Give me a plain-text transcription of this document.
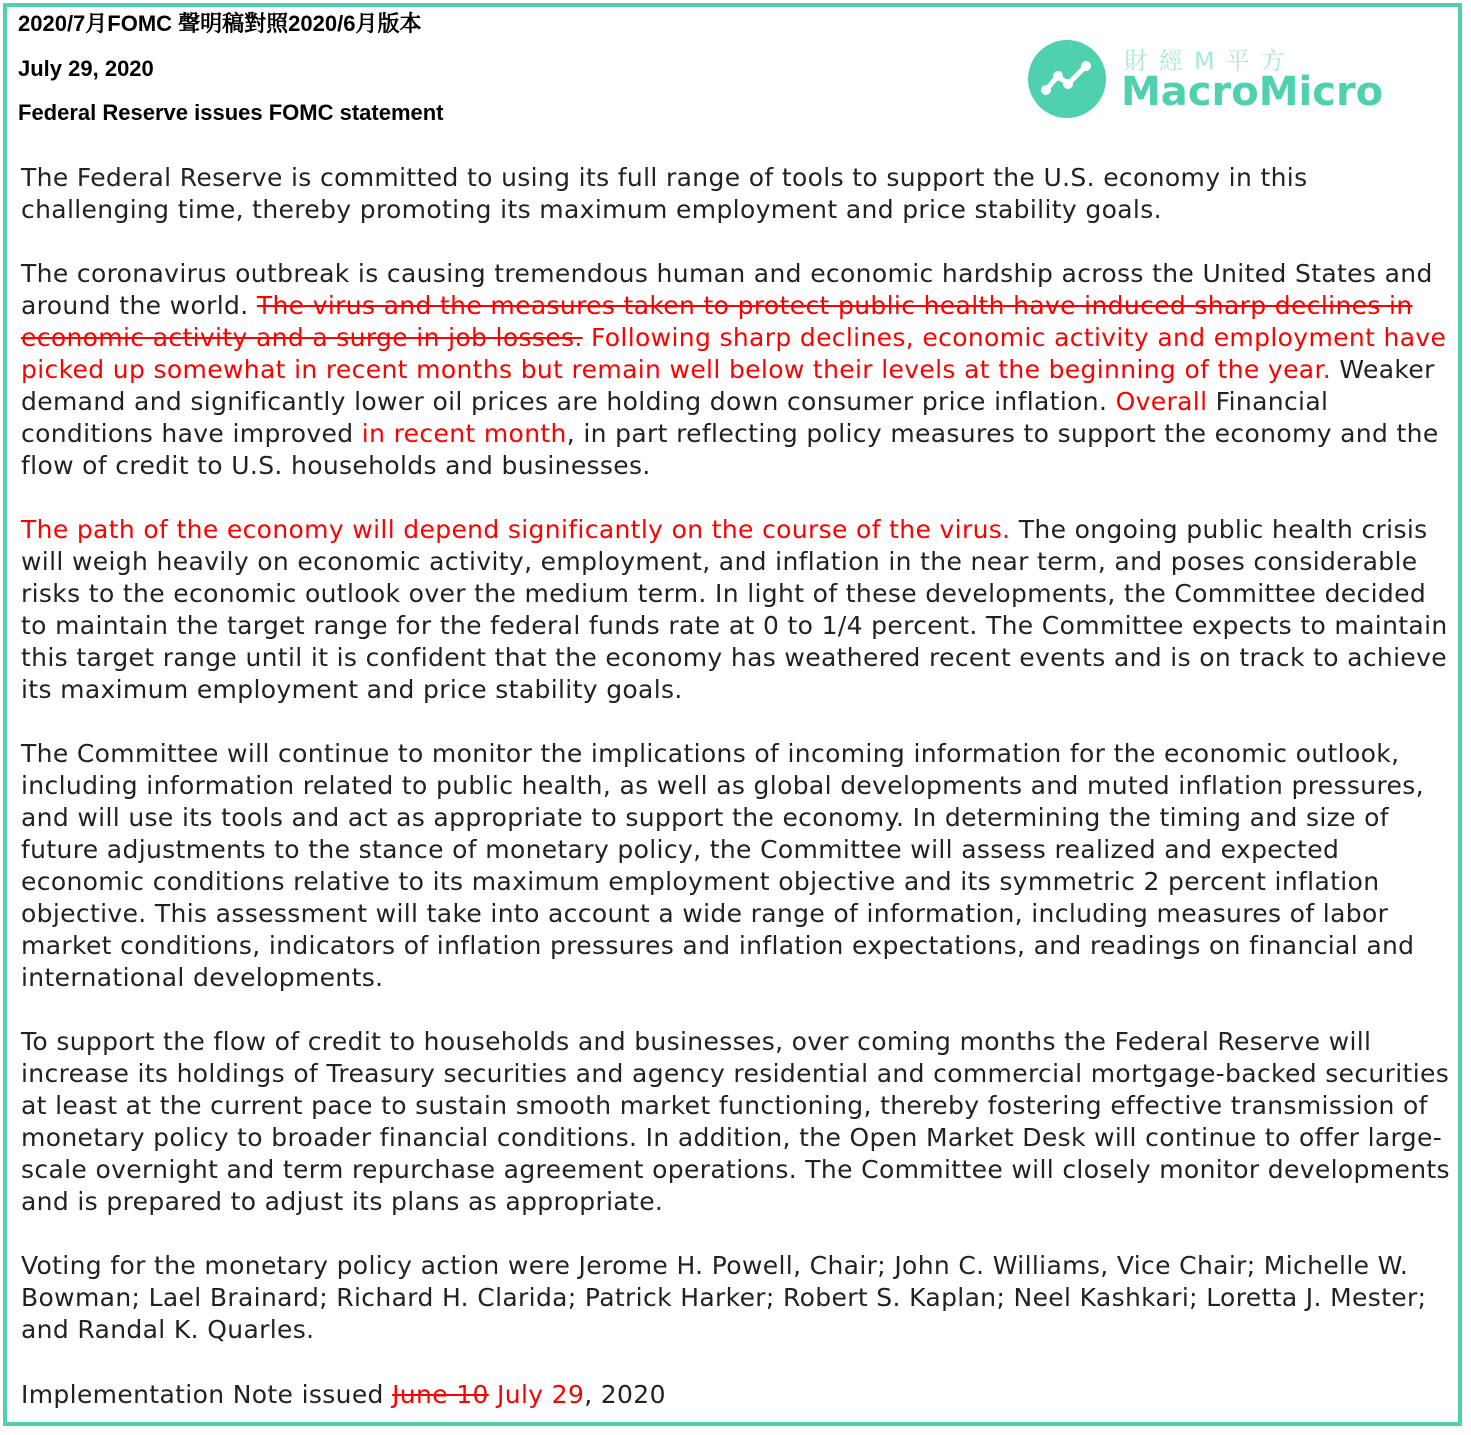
2020/7月FOMC 聲明稿對照2020/6月版本
July 29, 2020
Federal Reserve issues FOMC statement
財經M平方
MacroMicro

The Federal Reserve is committed to using its full range of tools to support the U.S. economy in this challenging time, thereby promoting its maximum employment and price stability goals.

The coronavirus outbreak is causing tremendous human and economic hardship across the United States and around the world. The virus and the measures taken to protect public health have induced sharp declines in economic activity and a surge in job losses. Following sharp declines, economic activity and employment have picked up somewhat in recent months but remain well below their levels at the beginning of the year. Weaker demand and significantly lower oil prices are holding down consumer price inflation. Overall Financial conditions have improved in recent month, in part reflecting policy measures to support the economy and the flow of credit to U.S. households and businesses.

The path of the economy will depend significantly on the course of the virus. The ongoing public health crisis will weigh heavily on economic activity, employment, and inflation in the near term, and poses considerable risks to the economic outlook over the medium term. In light of these developments, the Committee decided to maintain the target range for the federal funds rate at 0 to 1/4 percent. The Committee expects to maintain this target range until it is confident that the economy has weathered recent events and is on track to achieve its maximum employment and price stability goals.

The Committee will continue to monitor the implications of incoming information for the economic outlook, including information related to public health, as well as global developments and muted inflation pressures, and will use its tools and act as appropriate to support the economy. In determining the timing and size of future adjustments to the stance of monetary policy, the Committee will assess realized and expected economic conditions relative to its maximum employment objective and its symmetric 2 percent inflation objective. This assessment will take into account a wide range of information, including measures of labor market conditions, indicators of inflation pressures and inflation expectations, and readings on financial and international developments.

To support the flow of credit to households and businesses, over coming months the Federal Reserve will increase its holdings of Treasury securities and agency residential and commercial mortgage-backed securities at least at the current pace to sustain smooth market functioning, thereby fostering effective transmission of monetary policy to broader financial conditions. In addition, the Open Market Desk will continue to offer large-scale overnight and term repurchase agreement operations. The Committee will closely monitor developments and is prepared to adjust its plans as appropriate.

Voting for the monetary policy action were Jerome H. Powell, Chair; John C. Williams, Vice Chair; Michelle W. Bowman; Lael Brainard; Richard H. Clarida; Patrick Harker; Robert S. Kaplan; Neel Kashkari; Loretta J. Mester; and Randal K. Quarles.

Implementation Note issued June 10 July 29, 2020
